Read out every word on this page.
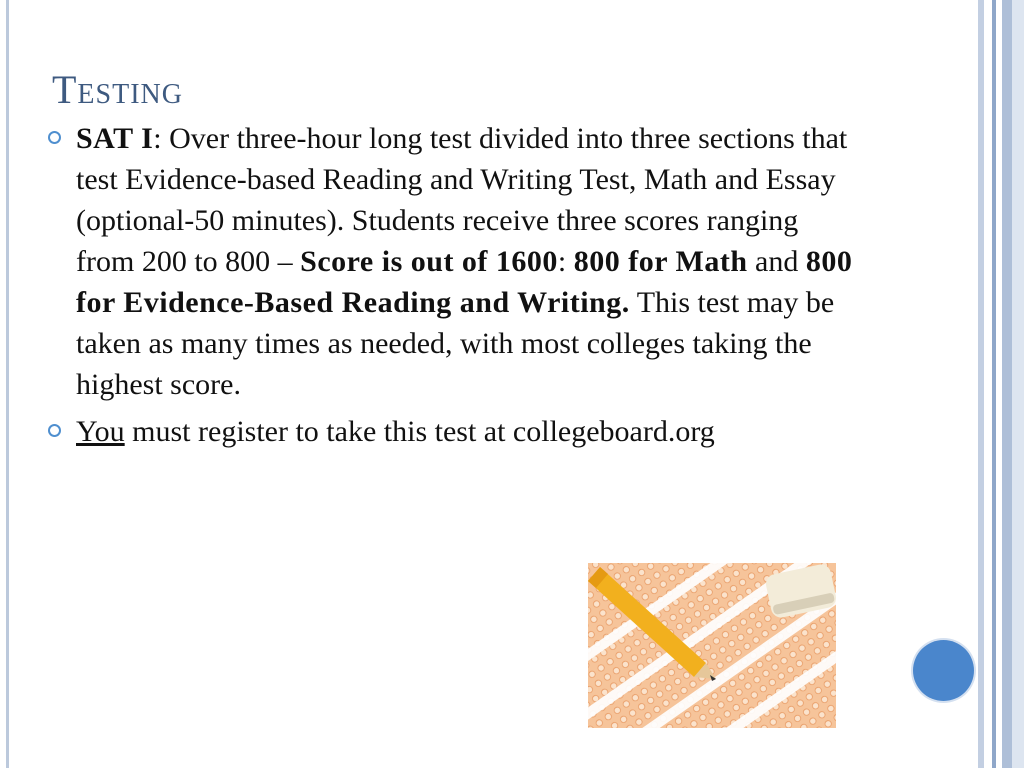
Testing

SAT I: Over three-hour long test divided into three sections that test Evidence-based Reading and Writing Test, Math and Essay (optional-50 minutes). Students receive three scores ranging from 200 to 800 – Score is out of 1600: 800 for Math and 800 for Evidence-Based Reading and Writing. This test may be taken as many times as needed, with most colleges taking the highest score.

You must register to take this test at collegeboard.org
